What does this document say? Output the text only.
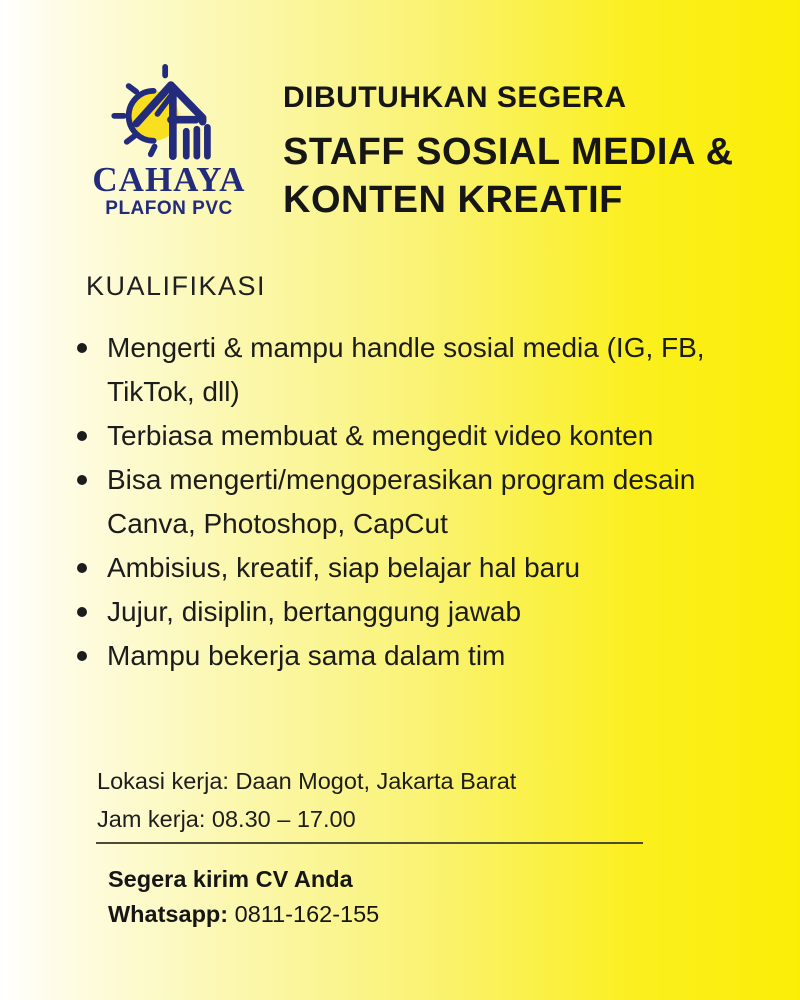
CAHAYA
PLAFON PVC
DIBUTUHKAN SEGERA
STAFF SOSIAL MEDIA &
KONTEN KREATIF
KUALIFIKASI
Mengerti & mampu handle sosial media (IG, FB, TikTok, dll)
Terbiasa membuat & mengedit video konten
Bisa mengerti/mengoperasikan program desain Canva, Photoshop, CapCut
Ambisius, kreatif, siap belajar hal baru
Jujur, disiplin, bertanggung jawab
Mampu bekerja sama dalam tim
Lokasi kerja: Daan Mogot, Jakarta Barat
Jam kerja: 08.30 – 17.00
Segera kirim CV Anda
Whatsapp: 0811-162-155
